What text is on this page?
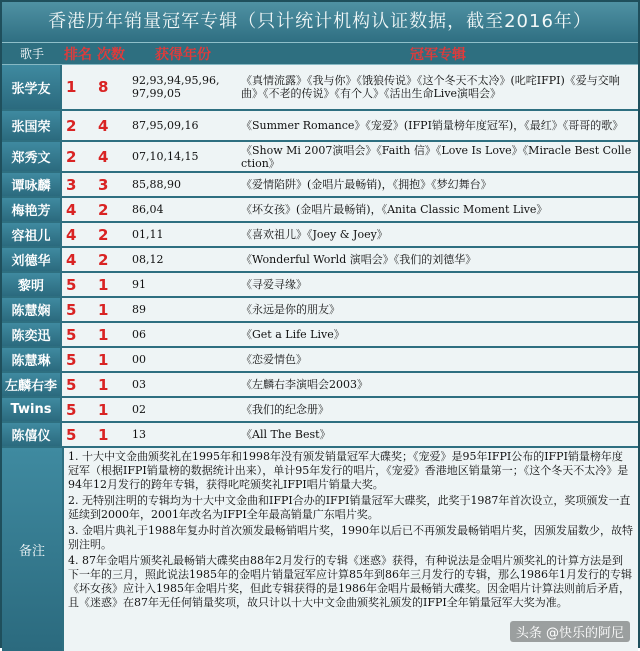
香港历年销量冠军专辑（只计统计机构认证数据，截至2016年）
歌手	排名	次数	获得年份	冠军专辑
张学友	1	8	92,93,94,95,96, 97,99,05	《真情流露》《我与你》《饿狼传说》《这个冬天不太冷》(叱咤IFPI)《爱与交响曲》《不老的传说》《有个人》《活出生命Live演唱会》
张国荣	2	4	87,95,09,16	《Summer Romance》《宠爱》(IFPI销量榜年度冠军)，《最红》《哥哥的歌》
郑秀文	2	4	07,10,14,15	《Show Mi 2007演唱会》《Faith 信》《Love Is Love》《Miracle Best Collection》
谭咏麟	3	3	85,88,90	《爱情陷阱》(金唱片最畅销)，《拥抱》《梦幻舞台》
梅艳芳	4	2	86,04	《坏女孩》(金唱片最畅销)，《Anita Classic Moment Live》
容祖儿	4	2	01,11	《喜欢祖儿》《Joey & Joey》
刘德华	4	2	08,12	《Wonderful World 演唱会》《我们的刘德华》
黎明	5	1	91	《寻爱寻缘》
陈慧娴	5	1	89	《永远是你的朋友》
陈奕迅	5	1	06	《Get a Life Live》
陈慧琳	5	1	00	《恋爱情色》
左麟右李	5	1	03	《左麟右李演唱会2003》
Twins	5	1	02	《我们的纪念册》
陈僖仪	5	1	13	《All The Best》
备注

1. 十大中文金曲颁奖礼在1995年和1998年没有颁发销量冠军大碟奖；《宠爱》是95年IFPI公布的IFPI销量榜年度冠军（根据IFPI销量榜的数据统计出来），单计95年发行的唱片，《宠爱》香港地区销量第一；《这个冬天不太冷》是94年12月发行的跨年专辑，获得叱咤颁奖礼IFPI唱片销量大奖。

2. 无特别注明的专辑均为十大中文金曲和IFPI合办的IFPI销量冠军大碟奖，此奖于1987年首次设立，奖项颁发一直延续到2000年，2001年改名为IFPI全年最高销量广东唱片奖。

3. 金唱片典礼于1988年复办时首次颁发最畅销唱片奖，1990年以后已不再颁发最畅销唱片奖，因颁发届数少，故特别注明。

4. 87年金唱片颁奖礼最畅销大碟奖由88年2月发行的专辑《迷惑》获得，有种说法是金唱片颁奖礼的计算方法是到下一年的三月，照此说法1985年的金唱片销量冠军应计算85年到86年三月发行的专辑，那么1986年1月发行的专辑《坏女孩》应计入1985年金唱片奖，但此专辑获得的是1986年金唱片最畅销大碟奖。因金唱片计算法则前后矛盾，且《迷惑》在87年无任何销量奖项，故只计以十大中文金曲颁奖礼颁发的IFPI全年销量冠军大奖为准。

头条 @快乐的阿尼
